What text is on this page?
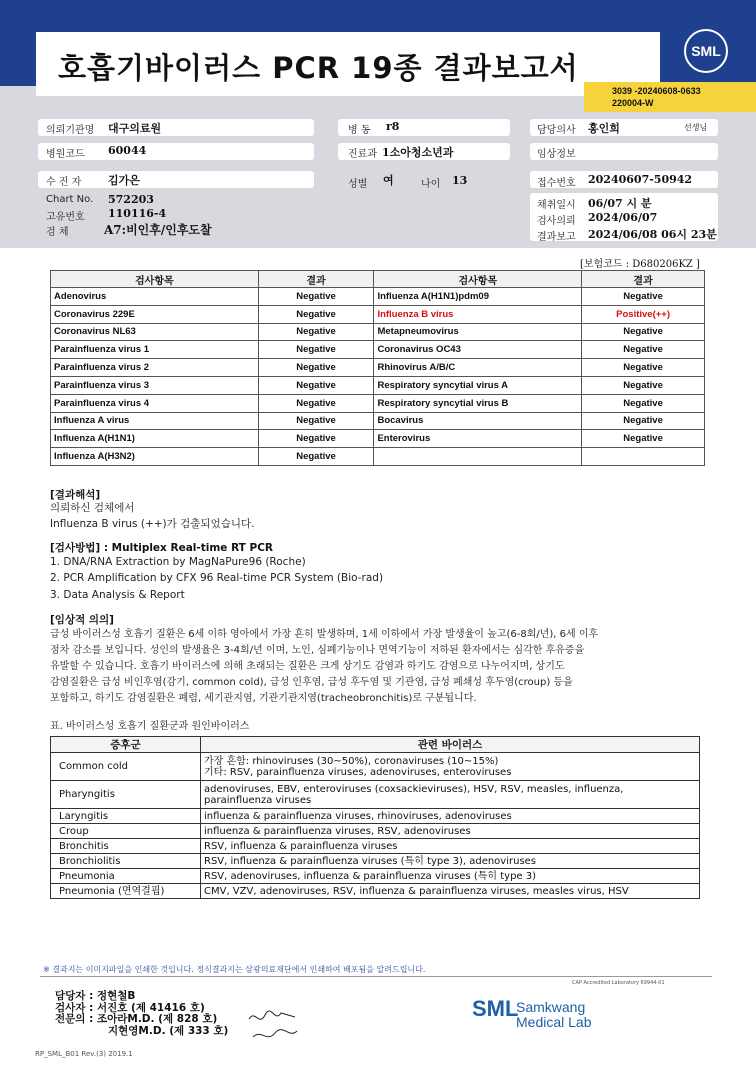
호흡기바이러스 PCR 19종 결과보고서	SML
3039 -20240608-0633
220004-W
의뢰기관명 대구의료원	병 동 r8	담당의사 홍인희	선생님
병원코드 60044	진료과 1소아청소년과	임상정보
수 진 자 김가은	성별 여	나이 13	접수번호 20240607-50942
Chart No. 572203
고유번호 110116-4
검 체	A7:비인후/인후도찰
채취일시 06/07 시 분
검사의뢰 2024/06/07
결과보고 2024/06/08 06시 23분
[보험코드 : D680206KZ ]
검사항목	결과	검사항목	결과
Adenovirus	Negative	Influenza A(H1N1)pdm09	Negative
Coronavirus 229E	Negative	Influenza B virus	Positive(++)
Coronavirus NL63	Negative	Metapneumovirus	Negative
Parainfluenza virus 1	Negative	Coronavirus OC43	Negative
Parainfluenza virus 2	Negative	Rhinovirus A/B/C	Negative
Parainfluenza virus 3	Negative	Respiratory syncytial virus A	Negative
Parainfluenza virus 4	Negative	Respiratory syncytial virus B	Negative
Influenza A virus	Negative	Bocavirus	Negative
Influenza A(H1N1)	Negative	Enterovirus	Negative
Influenza A(H3N2)	Negative		
[결과해석]
의뢰하신 검체에서
Influenza B virus (++)가 검출되었습니다.
[검사방법] : Multiplex Real-time RT PCR
1. DNA/RNA Extraction by MagNaPure96 (Roche)
2. PCR Amplification by CFX 96 Real-time PCR System (Bio-rad)
3. Data Analysis & Report
[임상적 의의]
급성 바이러스성 호흡기 질환은 6세 이하 영아에서 가장 흔히 발생하며, 1세 이하에서 가장 발생율이 높고(6-8회/년), 6세 이후
점차 감소를 보입니다. 성인의 발생율은 3-4회/년 이며, 노인, 심폐기능이나 면역기능이 저하된 환자에서는 심각한 후유증을
유발할 수 있습니다. 호흡기 바이러스에 의해 초래되는 질환은 크게 상기도 감염과 하기도 감염으로 나누어지며, 상기도
감염질환은 급성 비인후염(감기, common cold), 급성 인후염, 급성 후두염 및 기관염, 급성 폐쇄성 후두염(croup) 등을
포함하고, 하기도 감염질환은 폐렴, 세기관지염, 기관기관지염(tracheobronchitis)로 구분됩니다.
표. 바이러스성 호흡기 질환군과 원인바이러스
증후군	관련 바이러스
Common cold	가장 흔함: rhinoviruses (30~50%), coronaviruses (10~15%)
기타: RSV, parainfluenza viruses, adenoviruses, enteroviruses

Pharyngitis	adenoviruses, EBV, enteroviruses (coxsackieviruses), HSV, RSV, measles, influenza,
parainfluenza viruses

Laryngitis	influenza & parainfluenza viruses, rhinoviruses, adenoviruses
Croup	influenza & parainfluenza viruses, RSV, adenoviruses
Bronchitis	RSV, influenza & parainfluenza viruses
Bronchiolitis	RSV, influenza & parainfluenza viruses (특히 type 3), adenoviruses
Pneumonia	RSV, adenoviruses, influenza & parainfluenza viruses (특히 type 3)
Pneumonia (면역결핍)	CMV, VZV, adenoviruses, RSV, influenza & parainfluenza viruses, measles virus, HSV
※ 결과지는 이미지파일을 인쇄한 것입니다. 정식결과지는 삼광의료재단에서 인쇄하여 배포됨을 알려드립니다.
CAP Accredited Laboratory 69944-01
담당자 : 정현철B
검사자 : 서진호 (제 41416 호)
전문의 : 조아라M.D. (제 828 호)
지현영M.D. (제 333 호)
SML
Samkwang
Medical Lab
RP_SML_B01 Rev.(3) 2019.1
